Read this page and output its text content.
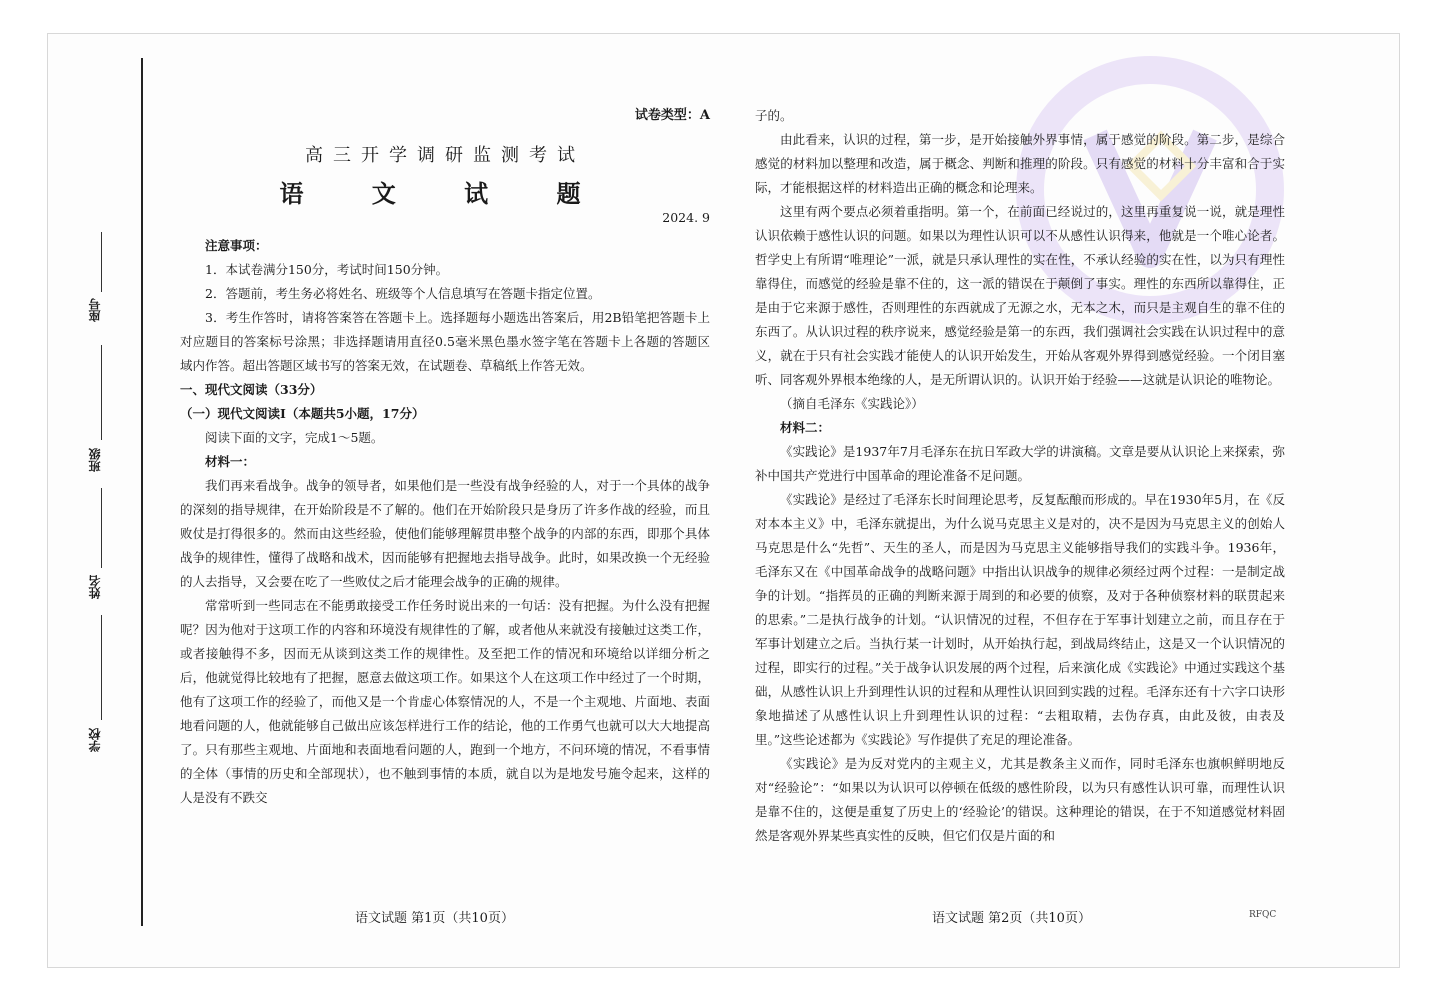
座号
班级
姓名
学校
试卷类型：A
高三开学调研监测考试
语 文 试 题
2024. 9

注意事项：

1．本试卷满分150分，考试时间150分钟。

2．答题前，考生务必将姓名、班级等个人信息填写在答题卡指定位置。

3．考生作答时，请将答案答在答题卡上。选择题每小题选出答案后，用2B铅笔把答题卡上对应题目的答案标号涂黑；非选择题请用直径0.5毫米黑色墨水签字笔在答题卡上各题的答题区域内作答。超出答题区域书写的答案无效，在试题卷、草稿纸上作答无效。

一、现代文阅读（33分）

（一）现代文阅读Ⅰ（本题共5小题，17分）

阅读下面的文字，完成1～5题。

材料一：

我们再来看战争。战争的领导者，如果他们是一些没有战争经验的人，对于一个具体的战争的深刻的指导规律，在开始阶段是不了解的。他们在开始阶段只是身历了许多作战的经验，而且败仗是打得很多的。然而由这些经验，使他们能够理解贯串整个战争的内部的东西，即那个具体战争的规律性，懂得了战略和战术，因而能够有把握地去指导战争。此时，如果改换一个无经验的人去指导，又会要在吃了一些败仗之后才能理会战争的正确的规律。

常常听到一些同志在不能勇敢接受工作任务时说出来的一句话：没有把握。为什么没有把握呢？因为他对于这项工作的内容和环境没有规律性的了解，或者他从来就没有接触过这类工作，或者接触得不多，因而无从谈到这类工作的规律性。及至把工作的情况和环境给以详细分析之后，他就觉得比较地有了把握，愿意去做这项工作。如果这个人在这项工作中经过了一个时期，他有了这项工作的经验了，而他又是一个肯虚心体察情况的人，不是一个主观地、片面地、表面地看问题的人，他就能够自己做出应该怎样进行工作的结论，他的工作勇气也就可以大大地提高了。只有那些主观地、片面地和表面地看问题的人，跑到一个地方，不问环境的情况，不看事情的全体（事情的历史和全部现状），也不触到事情的本质，就自以为是地发号施令起来，这样的人是没有不跌交

子的。

由此看来，认识的过程，第一步，是开始接触外界事情，属于感觉的阶段。第二步，是综合感觉的材料加以整理和改造，属于概念、判断和推理的阶段。只有感觉的材料十分丰富和合于实际，才能根据这样的材料造出正确的概念和论理来。

这里有两个要点必须着重指明。第一个，在前面已经说过的，这里再重复说一说，就是理性认识依赖于感性认识的问题。如果以为理性认识可以不从感性认识得来，他就是一个唯心论者。哲学史上有所谓“唯理论”一派，就是只承认理性的实在性，不承认经验的实在性，以为只有理性靠得住，而感觉的经验是靠不住的，这一派的错误在于颠倒了事实。理性的东西所以靠得住，正是由于它来源于感性，否则理性的东西就成了无源之水，无本之木，而只是主观自生的靠不住的东西了。从认识过程的秩序说来，感觉经验是第一的东西，我们强调社会实践在认识过程中的意义，就在于只有社会实践才能使人的认识开始发生，开始从客观外界得到感觉经验。一个闭目塞听、同客观外界根本绝缘的人，是无所谓认识的。认识开始于经验——这就是认识论的唯物论。

（摘自毛泽东《实践论》）

材料二：

《实践论》是1937年7月毛泽东在抗日军政大学的讲演稿。文章是要从认识论上来探索，弥补中国共产党进行中国革命的理论准备不足问题。

《实践论》是经过了毛泽东长时间理论思考，反复酝酿而形成的。早在1930年5月，在《反对本本主义》中，毛泽东就提出，为什么说马克思主义是对的，决不是因为马克思主义的创始人马克思是什么“先哲”、天生的圣人，而是因为马克思主义能够指导我们的实践斗争。1936年，毛泽东又在《中国革命战争的战略问题》中指出认识战争的规律必须经过两个过程：一是制定战争的计划。“指挥员的正确的判断来源于周到的和必要的侦察，及对于各种侦察材料的联贯起来的思索。”二是执行战争的计划。“认识情况的过程，不但存在于军事计划建立之前，而且存在于军事计划建立之后。当执行某一计划时，从开始执行起，到战局终结止，这是又一个认识情况的过程，即实行的过程。”关于战争认识发展的两个过程，后来演化成《实践论》中通过实践这个基础，从感性认识上升到理性认识的过程和从理性认识回到实践的过程。毛泽东还有十六字口诀形象地描述了从感性认识上升到理性认识的过程：“去粗取精，去伪存真，由此及彼，由表及里。”这些论述都为《实践论》写作提供了充足的理论准备。

《实践论》是为反对党内的主观主义，尤其是教条主义而作，同时毛泽东也旗帜鲜明地反对“经验论”：“如果以为认识可以停顿在低级的感性阶段，以为只有感性认识可靠，而理性认识是靠不住的，这便是重复了历史上的‘经验论’的错误。这种理论的错误，在于不知道感觉材料固然是客观外界某些真实性的反映，但它们仅是片面的和

语文试题 第1页（共10页）	语文试题 第2页（共10页）	RFQC
